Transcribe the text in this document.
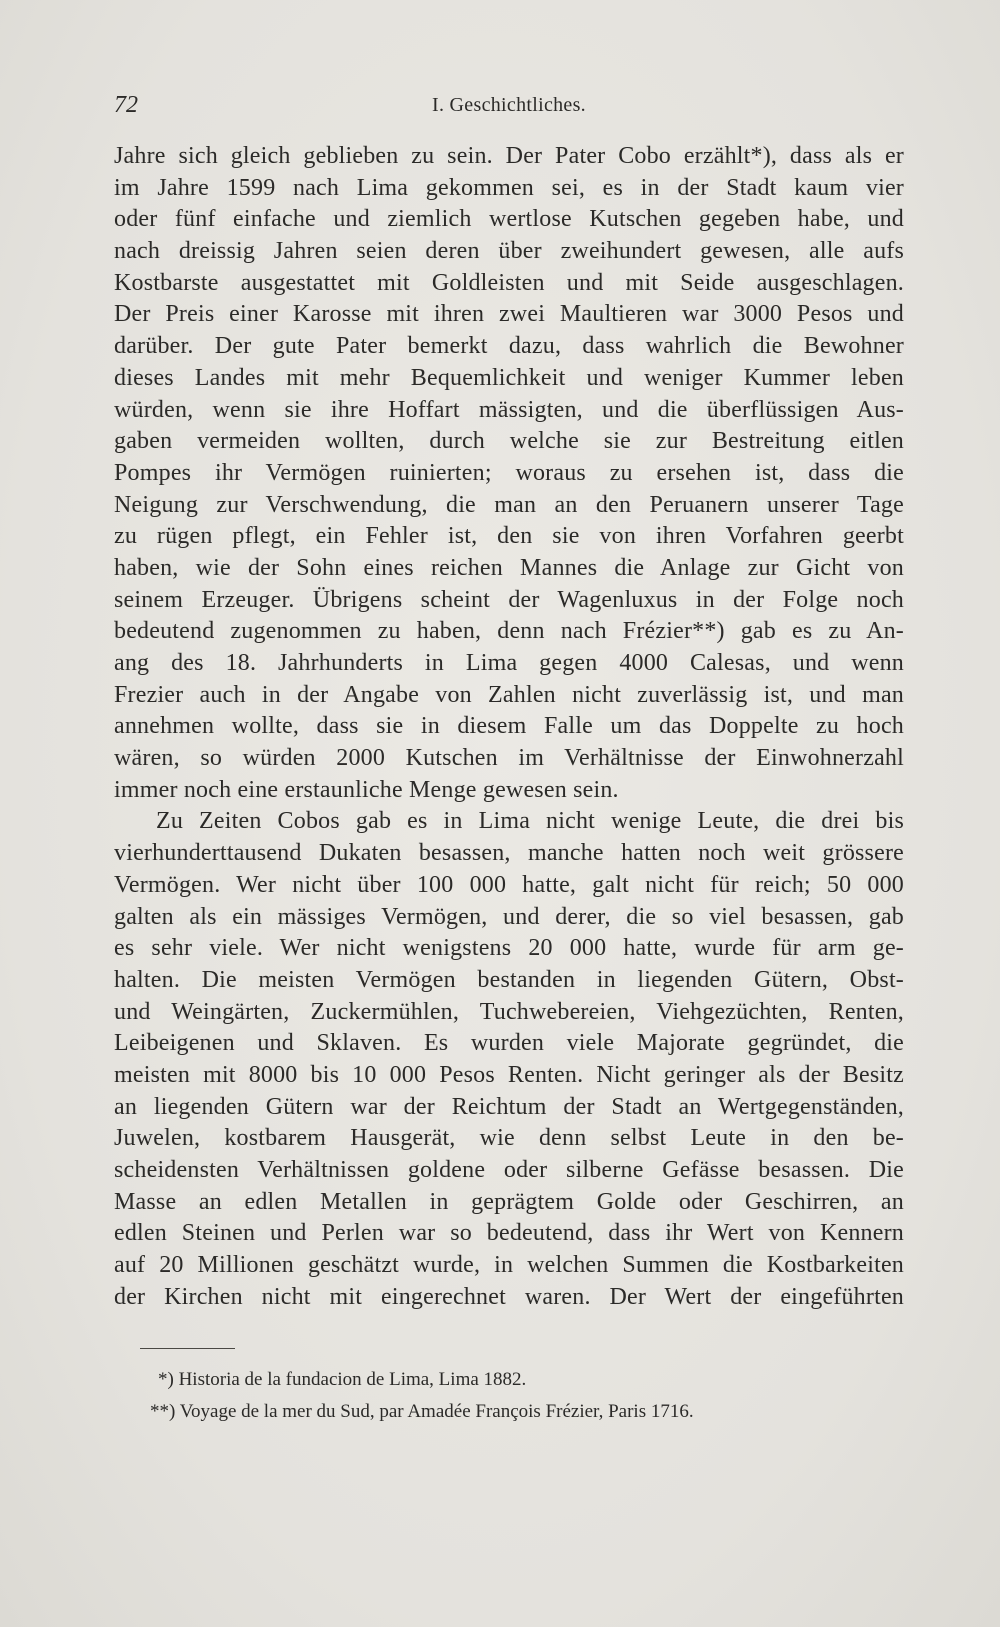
72	I. Geschichtliches.
Jahre sich gleich geblieben zu sein. Der Pater Cobo erzählt*), dass als er
im Jahre 1599 nach Lima gekommen sei, es in der Stadt kaum vier
oder fünf einfache und ziemlich wertlose Kutschen gegeben habe, und
nach dreissig Jahren seien deren über zweihundert gewesen, alle aufs
Kostbarste ausgestattet mit Goldleisten und mit Seide ausgeschlagen.
Der Preis einer Karosse mit ihren zwei Maultieren war 3000 Pesos und
darüber. Der gute Pater bemerkt dazu, dass wahrlich die Bewohner
dieses Landes mit mehr Bequemlichkeit und weniger Kummer leben
würden, wenn sie ihre Hoffart mässigten, und die überflüssigen Aus-
gaben vermeiden wollten, durch welche sie zur Bestreitung eitlen
Pompes ihr Vermögen ruinierten; woraus zu ersehen ist, dass die
Neigung zur Verschwendung, die man an den Peruanern unserer Tage
zu rügen pflegt, ein Fehler ist, den sie von ihren Vorfahren geerbt
haben, wie der Sohn eines reichen Mannes die Anlage zur Gicht von
seinem Erzeuger. Übrigens scheint der Wagenluxus in der Folge noch
bedeutend zugenommen zu haben, denn nach Frézier**) gab es zu An-
ang des 18. Jahrhunderts in Lima gegen 4000 Calesas, und wenn
Frezier auch in der Angabe von Zahlen nicht zuverlässig ist, und man
annehmen wollte, dass sie in diesem Falle um das Doppelte zu hoch
wären, so würden 2000 Kutschen im Verhältnisse der Einwohnerzahl
immer noch eine erstaunliche Menge gewesen sein.
Zu Zeiten Cobos gab es in Lima nicht wenige Leute, die drei bis
vierhunderttausend Dukaten besassen, manche hatten noch weit grössere
Vermögen. Wer nicht über 100 000 hatte, galt nicht für reich; 50 000
galten als ein mässiges Vermögen, und derer, die so viel besassen, gab
es sehr viele. Wer nicht wenigstens 20 000 hatte, wurde für arm ge-
halten. Die meisten Vermögen bestanden in liegenden Gütern, Obst-
und Weingärten, Zuckermühlen, Tuchwebereien, Viehgezüchten, Renten,
Leibeigenen und Sklaven. Es wurden viele Majorate gegründet, die
meisten mit 8000 bis 10 000 Pesos Renten. Nicht geringer als der Besitz
an liegenden Gütern war der Reichtum der Stadt an Wertgegenständen,
Juwelen, kostbarem Hausgerät, wie denn selbst Leute in den be-
scheidensten Verhältnissen goldene oder silberne Gefässe besassen. Die
Masse an edlen Metallen in geprägtem Golde oder Geschirren, an
edlen Steinen und Perlen war so bedeutend, dass ihr Wert von Kennern
auf 20 Millionen geschätzt wurde, in welchen Summen die Kostbarkeiten
der Kirchen nicht mit eingerechnet waren. Der Wert der eingeführten
*) Historia de la fundacion de Lima, Lima 1882.
**) Voyage de la mer du Sud, par Amadée François Frézier, Paris 1716.
